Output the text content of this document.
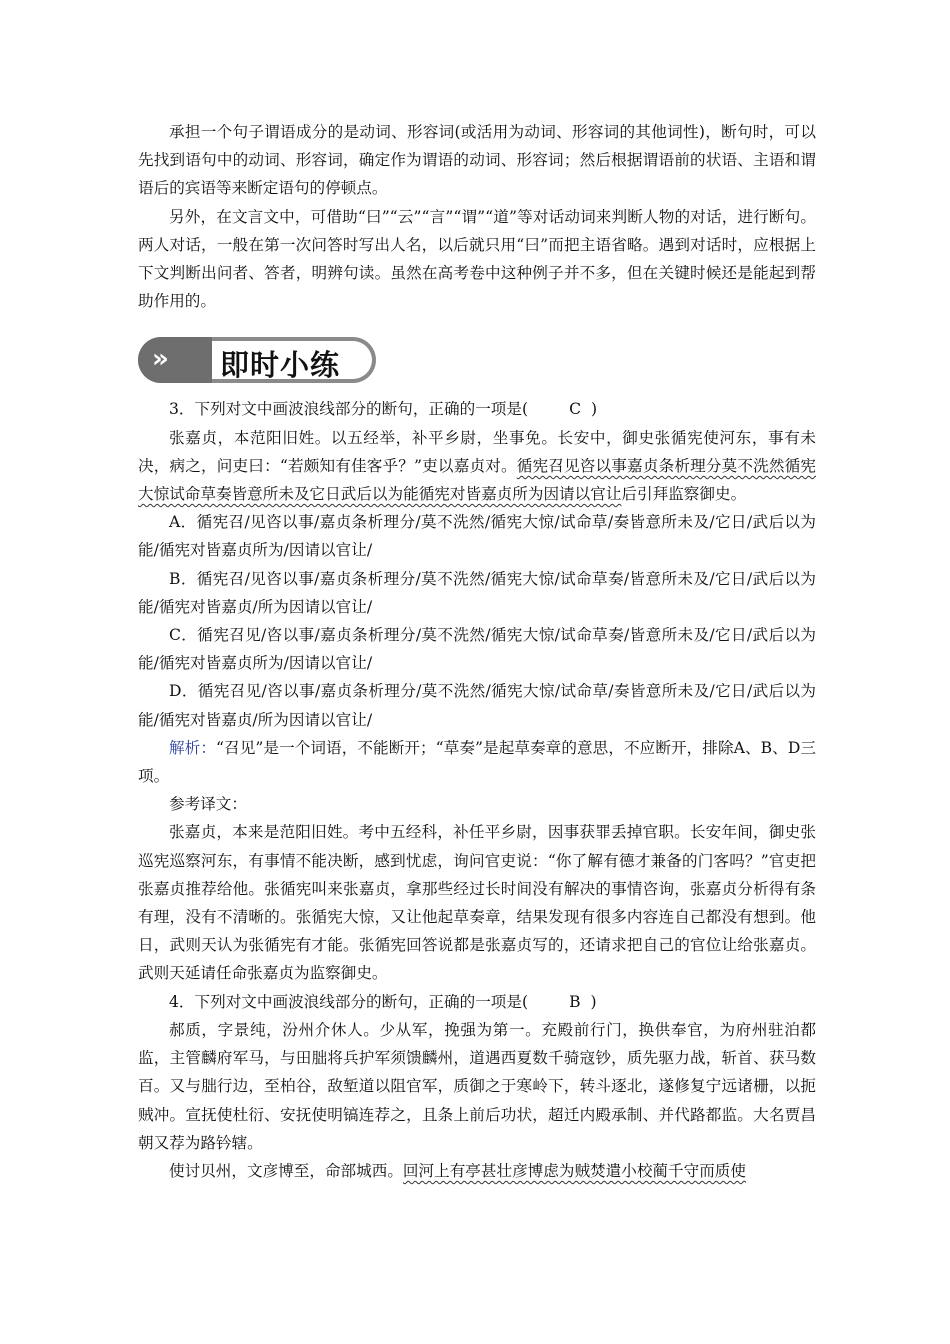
承担一个句子谓语成分的是动词、形容词(或活用为动词、形容词的其他词性)，断句时，可以先找到语句中的动词、形容词，确定作为谓语的动词、形容词；然后根据谓语前的状语、主语和谓语后的宾语等来断定语句的停顿点。

另外，在文言文中，可借助“曰”“云”“言”“谓”“道”等对话动词来判断人物的对话，进行断句。两人对话，一般在第一次问答时写出人名，以后就只用“曰”而把主语省略。遇到对话时，应根据上下文判断出问者、答者，明辨句读。虽然在高考卷中这种例子并不多，但在关键时候还是能起到帮助作用的。

» 即时小练

3．下列对文中画波浪线部分的断句，正确的一项是(	C )

张嘉贞，本范阳旧姓。以五经举，补平乡尉，坐事免。长安中，御史张循宪使河东，事有未决，病之，问吏曰：“若颇知有佳客乎？”吏以嘉贞对。循宪召见咨以事嘉贞条析理分莫不洗然循宪大惊试命草奏皆意所未及它日武后以为能循宪对皆嘉贞所为因请以官让后引拜监察御史。

A．循宪召/见咨以事/嘉贞条析理分/莫不洗然/循宪大惊/试命草/奏皆意所未及/它日/武后以为能/循宪对皆嘉贞所为/因请以官让/

B．循宪召/见咨以事/嘉贞条析理分/莫不洗然/循宪大惊/试命草奏/皆意所未及/它日/武后以为能/循宪对皆嘉贞/所为因请以官让/

C．循宪召见/咨以事/嘉贞条析理分/莫不洗然/循宪大惊/试命草奏/皆意所未及/它日/武后以为能/循宪对皆嘉贞所为/因请以官让/

D．循宪召见/咨以事/嘉贞条析理分/莫不洗然/循宪大惊/试命草/奏皆意所未及/它日/武后以为能/循宪对皆嘉贞/所为因请以官让/

解析：“召见”是一个词语，不能断开；“草奏”是起草奏章的意思，不应断开，排除A、B、D三项。

参考译文：

张嘉贞，本来是范阳旧姓。考中五经科，补任平乡尉，因事获罪丢掉官职。长安年间，御史张巡宪巡察河东，有事情不能决断，感到忧虑，询问官吏说：“你了解有德才兼备的门客吗？”官吏把张嘉贞推荐给他。张循宪叫来张嘉贞，拿那些经过长时间没有解决的事情咨询，张嘉贞分析得有条有理，没有不清晰的。张循宪大惊，又让他起草奏章，结果发现有很多内容连自己都没有想到。他日，武则天认为张循宪有才能。张循宪回答说都是张嘉贞写的，还请求把自己的官位让给张嘉贞。武则天延请任命张嘉贞为监察御史。

4．下列对文中画波浪线部分的断句，正确的一项是(	B )

郝质，字景纯，汾州介休人。少从军，挽强为第一。充殿前行门，换供奉官，为府州驻泊都监，主管麟府军马，与田朏将兵护军须馈麟州，道遇西夏数千骑寇钞，质先驱力战，斩首、获马数百。又与朏行边，至柏谷，敌堑道以阻官军，质御之于寒岭下，转斗逐北，遂修复宁远诸栅，以扼贼冲。宣抚使杜衍、安抚使明镐连荐之，且条上前后功状，超迁内殿承制、并代路都监。大名贾昌朝又荐为路钤辖。

使讨贝州，文彦博至，命部城西。回河上有亭甚壮彦博虑为贼焚遣小校蔺千守而质使
